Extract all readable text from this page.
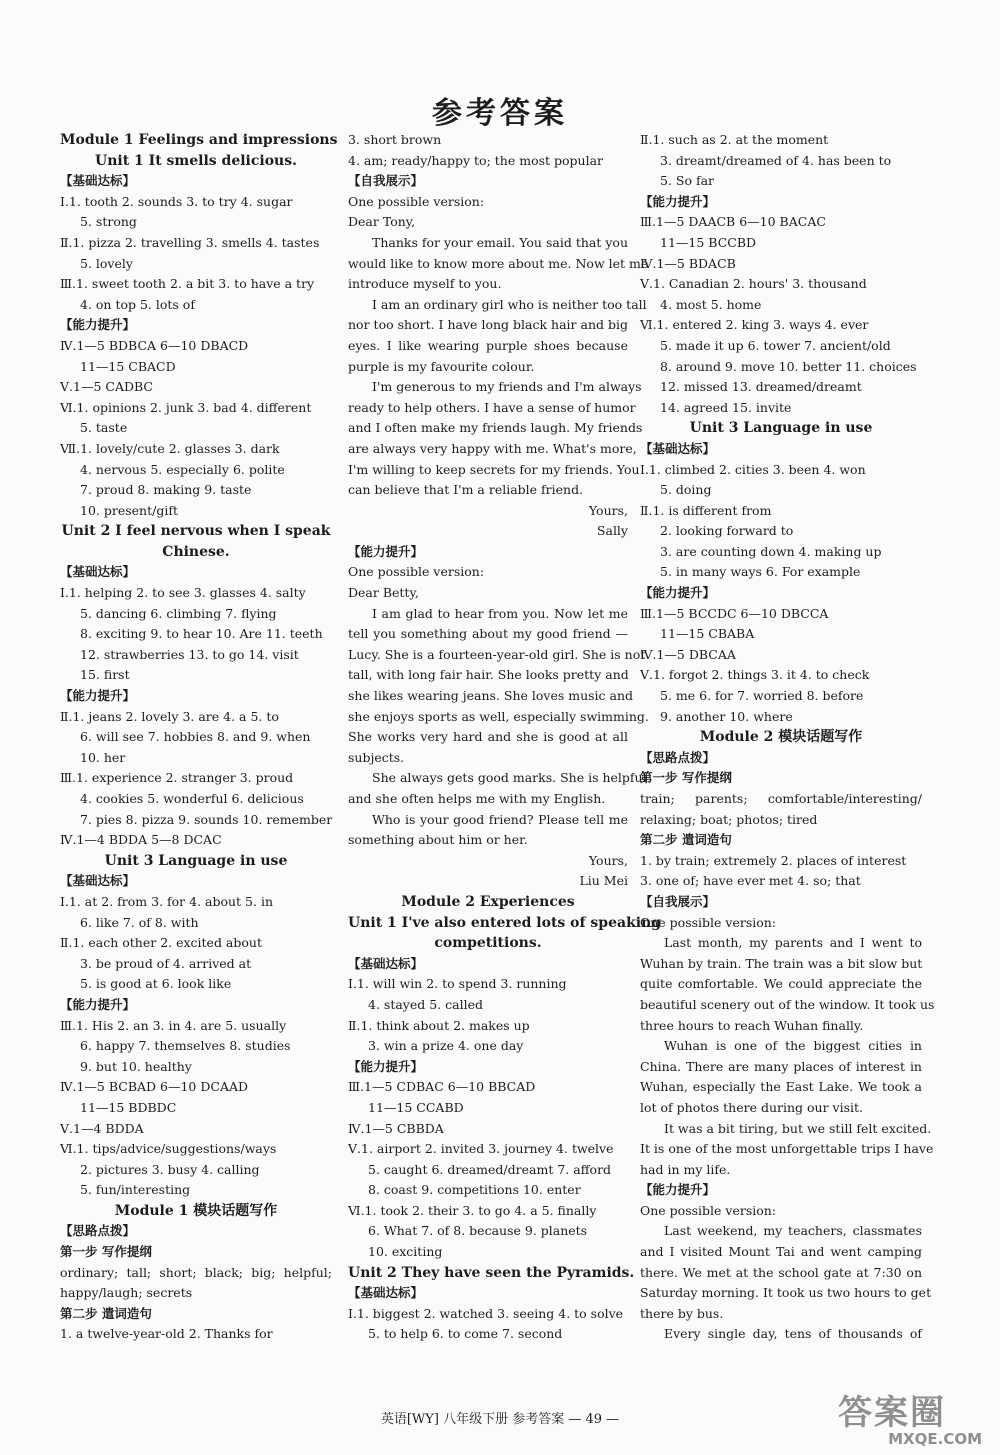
参考答案
Module 1 Feelings and impressions
Unit 1 It smells delicious.
【基础达标】
Ⅰ.1. tooth 2. sounds 3. to try 4. sugar
5. strong
Ⅱ.1. pizza 2. travelling 3. smells 4. tastes
5. lovely
Ⅲ.1. sweet tooth 2. a bit 3. to have a try
4. on top 5. lots of
【能力提升】
Ⅳ.1—5 BDBCA 6—10 DBACD
11—15 CBACD
Ⅴ.1—5 CADBC
Ⅵ.1. opinions 2. junk 3. bad 4. different
5. taste
Ⅶ.1. lovely/cute 2. glasses 3. dark
4. nervous 5. especially 6. polite
7. proud 8. making 9. taste
10. present/gift
Unit 2 I feel nervous when I speak
Chinese.
【基础达标】
Ⅰ.1. helping 2. to see 3. glasses 4. salty
5. dancing 6. climbing 7. flying
8. exciting 9. to hear 10. Are 11. teeth
12. strawberries 13. to go 14. visit
15. first
【能力提升】
Ⅱ.1. jeans 2. lovely 3. are 4. a 5. to
6. will see 7. hobbies 8. and 9. when
10. her
Ⅲ.1. experience 2. stranger 3. proud
4. cookies 5. wonderful 6. delicious
7. pies 8. pizza 9. sounds 10. remember
Ⅳ.1—4 BDDA 5—8 DCAC
Unit 3 Language in use
【基础达标】
Ⅰ.1. at 2. from 3. for 4. about 5. in
6. like 7. of 8. with
Ⅱ.1. each other 2. excited about
3. be proud of 4. arrived at
5. is good at 6. look like
【能力提升】
Ⅲ.1. His 2. an 3. in 4. are 5. usually
6. happy 7. themselves 8. studies
9. but 10. healthy
Ⅳ.1—5 BCBAD 6—10 DCAAD
11—15 BDBDC
Ⅴ.1—4 BDDA
Ⅵ.1. tips/advice/suggestions/ways
2. pictures 3. busy 4. calling
5. fun/interesting
Module 1 模块话题写作
【思路点拨】
第一步 写作提纲
ordinary; tall; short; black; big; helpful;
happy/laugh; secrets
第二步 遣词造句
1. a twelve-year-old 2. Thanks for
3. short brown
4. am; ready/happy to; the most popular
【自我展示】
One possible version:
Dear Tony,
Thanks for your email. You said that you
would like to know more about me. Now let me
introduce myself to you.
I am an ordinary girl who is neither too tall
nor too short. I have long black hair and big
eyes. I like wearing purple shoes because
purple is my favourite colour.
I'm generous to my friends and I'm always
ready to help others. I have a sense of humor
and I often make my friends laugh. My friends
are always very happy with me. What's more,
I'm willing to keep secrets for my friends. You
can believe that I'm a reliable friend.
Yours,
Sally
【能力提升】
One possible version:
Dear Betty,
I am glad to hear from you. Now let me
tell you something about my good friend —
Lucy. She is a fourteen-year-old girl. She is not
tall, with long fair hair. She looks pretty and
she likes wearing jeans. She loves music and
she enjoys sports as well, especially swimming.
She works very hard and she is good at all
subjects.
She always gets good marks. She is helpful
and she often helps me with my English.
Who is your good friend? Please tell me
something about him or her.
Yours,
Liu Mei
Module 2 Experiences
Unit 1 I've also entered lots of speaking
competitions.
【基础达标】
Ⅰ.1. will win 2. to spend 3. running
4. stayed 5. called
Ⅱ.1. think about 2. makes up
3. win a prize 4. one day
【能力提升】
Ⅲ.1—5 CDBAC 6—10 BBCAD
11—15 CCABD
Ⅳ.1—5 CBBDA
Ⅴ.1. airport 2. invited 3. journey 4. twelve
5. caught 6. dreamed/dreamt 7. afford
8. coast 9. competitions 10. enter
Ⅵ.1. took 2. their 3. to go 4. a 5. finally
6. What 7. of 8. because 9. planets
10. exciting
Unit 2 They have seen the Pyramids.
【基础达标】
Ⅰ.1. biggest 2. watched 3. seeing 4. to solve
5. to help 6. to come 7. second
Ⅱ.1. such as 2. at the moment
3. dreamt/dreamed of 4. has been to
5. So far
【能力提升】
Ⅲ.1—5 DAACB 6—10 BACAC
11—15 BCCBD
Ⅳ.1—5 BDACB
Ⅴ.1. Canadian 2. hours' 3. thousand
4. most 5. home
Ⅵ.1. entered 2. king 3. ways 4. ever
5. made it up 6. tower 7. ancient/old
8. around 9. move 10. better 11. choices
12. missed 13. dreamed/dreamt
14. agreed 15. invite
Unit 3 Language in use
【基础达标】
Ⅰ.1. climbed 2. cities 3. been 4. won
5. doing
Ⅱ.1. is different from
2. looking forward to
3. are counting down 4. making up
5. in many ways 6. For example
【能力提升】
Ⅲ.1—5 BCCDC 6—10 DBCCA
11—15 CBABA
Ⅳ.1—5 DBCAA
Ⅴ.1. forgot 2. things 3. it 4. to check
5. me 6. for 7. worried 8. before
9. another 10. where
Module 2 模块话题写作
【思路点拨】
第一步 写作提纲
train; parents; comfortable/interesting/
relaxing; boat; photos; tired
第二步 遣词造句
1. by train; extremely 2. places of interest
3. one of; have ever met 4. so; that
【自我展示】
One possible version:
Last month, my parents and I went to
Wuhan by train. The train was a bit slow but
quite comfortable. We could appreciate the
beautiful scenery out of the window. It took us
three hours to reach Wuhan finally.
Wuhan is one of the biggest cities in
China. There are many places of interest in
Wuhan, especially the East Lake. We took a
lot of photos there during our visit.
It was a bit tiring, but we still felt excited.
It is one of the most unforgettable trips I have
had in my life.
【能力提升】
One possible version:
Last weekend, my teachers, classmates
and I visited Mount Tai and went camping
there. We met at the school gate at 7:30 on
Saturday morning. It took us two hours to get
there by bus.
Every single day, tens of thousands of
英语[WY] 八年级下册 参考答案 — 49 —	答案圈
MXQE.COM
